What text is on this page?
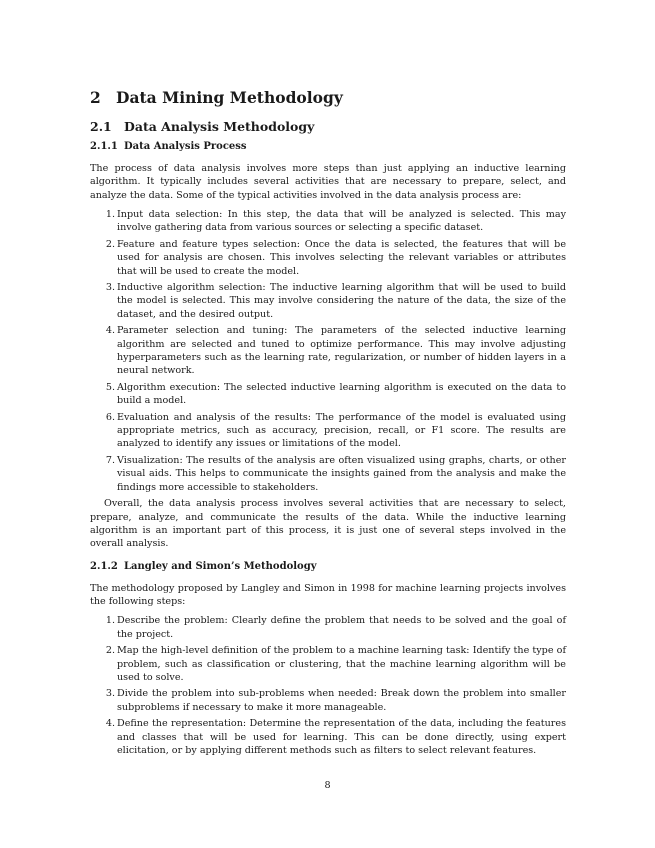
2 Data Mining Methodology
2.1 Data Analysis Methodology
2.1.1 Data Analysis Process

The process of data analysis involves more steps than just applying an inductive learning algorithm. It typically includes several activities that are necessary to prepare, select, and analyze the data. Some of the typical activities involved in the data analysis process are:

1. Input data selection: In this step, the data that will be analyzed is selected. This may involve gathering data from various sources or selecting a specific dataset.
2. Feature and feature types selection: Once the data is selected, the features that will be used for analysis are chosen. This involves selecting the relevant variables or attributes that will be used to create the model.
3. Inductive algorithm selection: The inductive learning algorithm that will be used to build the model is selected. This may involve considering the nature of the data, the size of the dataset, and the desired output.
4. Parameter selection and tuning: The parameters of the selected inductive learning algorithm are selected and tuned to optimize performance. This may involve adjusting hyperparameters such as the learning rate, regularization, or number of hidden layers in a neural network.
5. Algorithm execution: The selected inductive learning algorithm is executed on the data to build a model.
6. Evaluation and analysis of the results: The performance of the model is evaluated using appropriate metrics, such as accuracy, precision, recall, or F1 score. The results are analyzed to identify any issues or limitations of the model.
7. Visualization: The results of the analysis are often visualized using graphs, charts, or other visual aids. This helps to communicate the insights gained from the analysis and make the findings more accessible to stakeholders.

Overall, the data analysis process involves several activities that are necessary to select, prepare, analyze, and communicate the results of the data. While the inductive learning algorithm is an important part of this process, it is just one of several steps involved in the overall analysis.

2.1.2 Langley and Simon’s Methodology

The methodology proposed by Langley and Simon in 1998 for machine learning projects involves the following steps:

1. Describe the problem: Clearly define the problem that needs to be solved and the goal of the project.
2. Map the high-level definition of the problem to a machine learning task: Identify the type of problem, such as classification or clustering, that the machine learning algorithm will be used to solve.
3. Divide the problem into sub-problems when needed: Break down the problem into smaller subproblems if necessary to make it more manageable.
4. Define the representation: Determine the representation of the data, including the features and classes that will be used for learning. This can be done directly, using expert elicitation, or by applying different methods such as filters to select relevant features.
8
